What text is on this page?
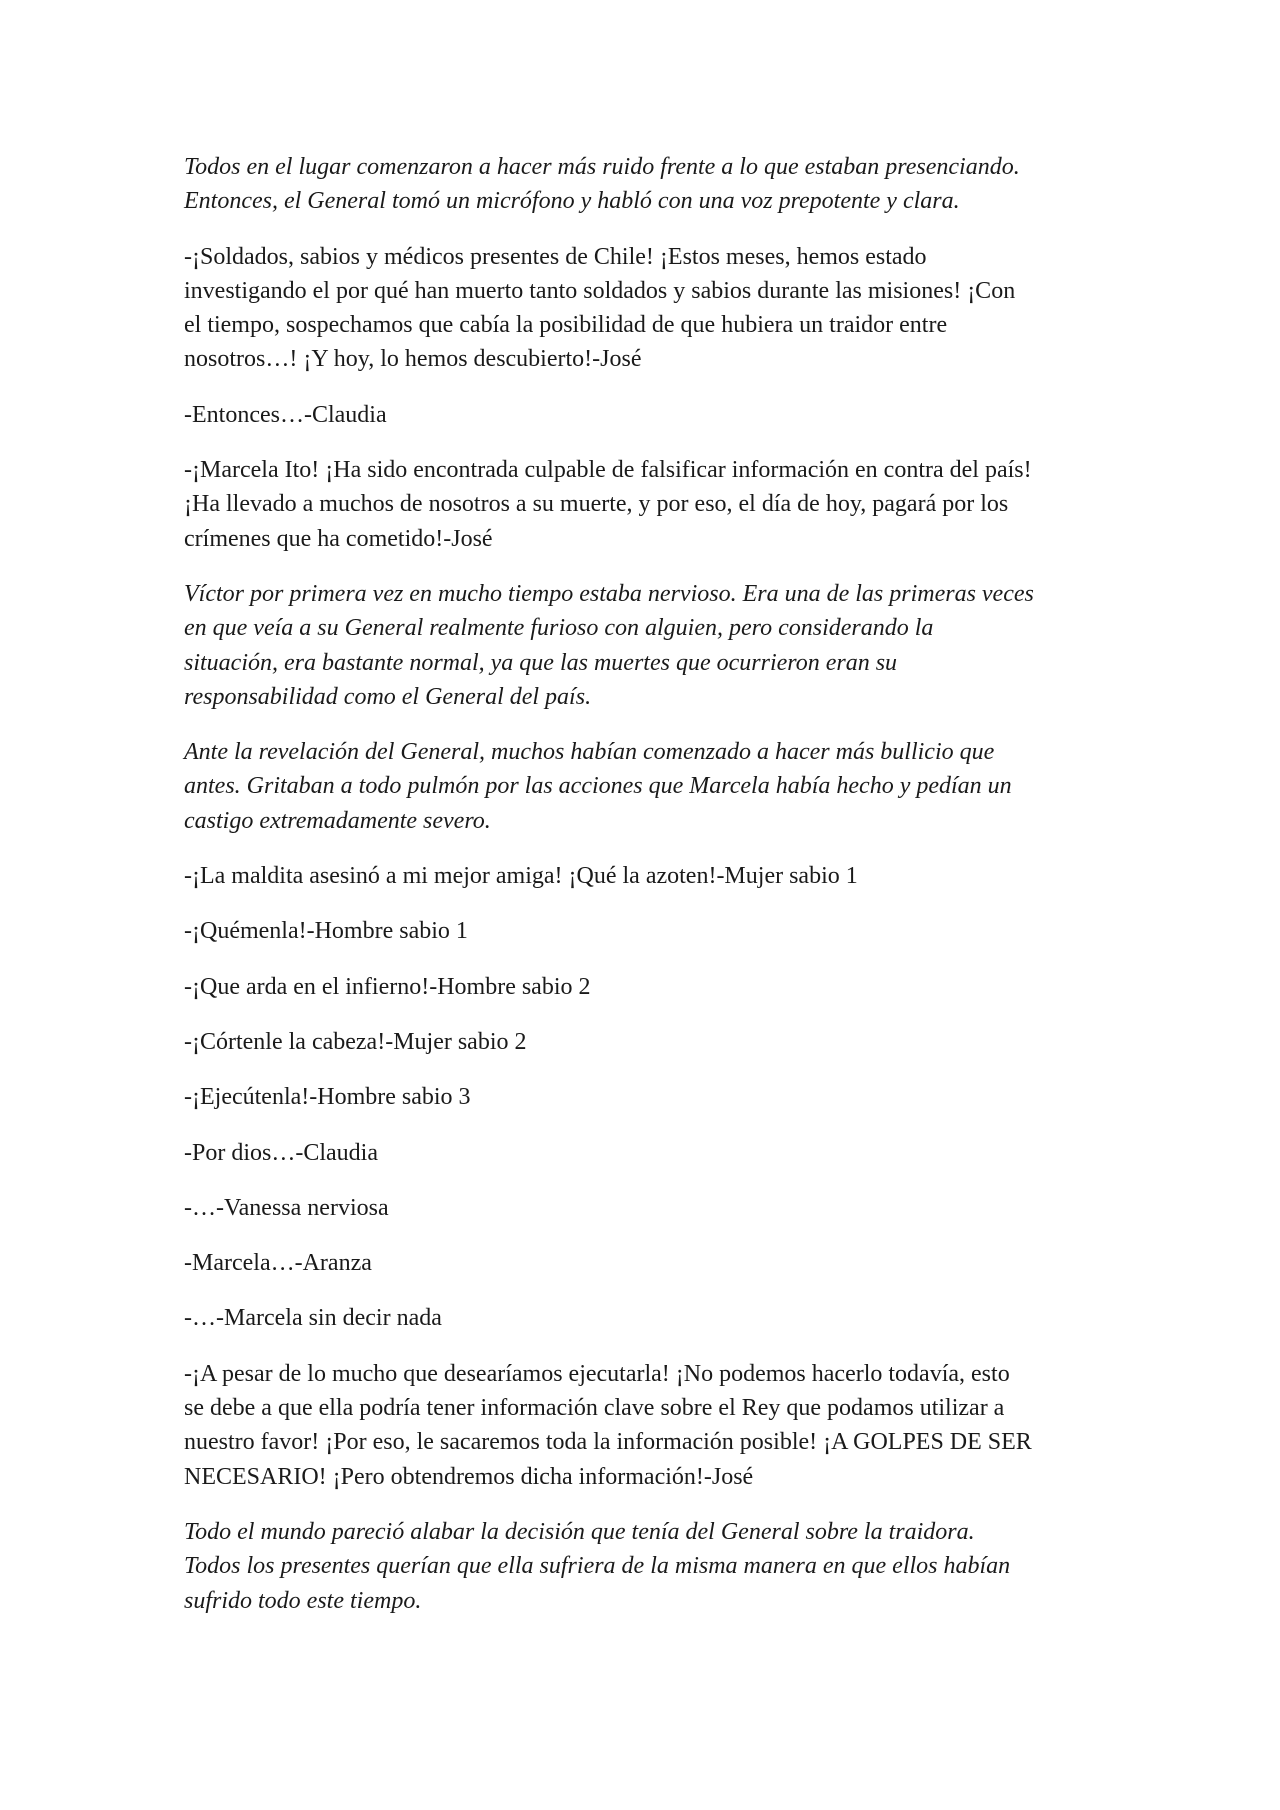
Todos en el lugar comenzaron a hacer más ruido frente a lo que estaban presenciando.
Entonces, el General tomó un micrófono y habló con una voz prepotente y clara.

-¡Soldados, sabios y médicos presentes de Chile! ¡Estos meses, hemos estado
investigando el por qué han muerto tanto soldados y sabios durante las misiones! ¡Con
el tiempo, sospechamos que cabía la posibilidad de que hubiera un traidor entre
nosotros…! ¡Y hoy, lo hemos descubierto!-José

-Entonces…-Claudia

-¡Marcela Ito! ¡Ha sido encontrada culpable de falsificar información en contra del país!
¡Ha llevado a muchos de nosotros a su muerte, y por eso, el día de hoy, pagará por los
crímenes que ha cometido!-José

Víctor por primera vez en mucho tiempo estaba nervioso. Era una de las primeras veces
en que veía a su General realmente furioso con alguien, pero considerando la
situación, era bastante normal, ya que las muertes que ocurrieron eran su
responsabilidad como el General del país.

Ante la revelación del General, muchos habían comenzado a hacer más bullicio que
antes. Gritaban a todo pulmón por las acciones que Marcela había hecho y pedían un
castigo extremadamente severo.

-¡La maldita asesinó a mi mejor amiga! ¡Qué la azoten!-Mujer sabio 1

-¡Quémenla!-Hombre sabio 1

-¡Que arda en el infierno!-Hombre sabio 2

-¡Córtenle la cabeza!-Mujer sabio 2

-¡Ejecútenla!-Hombre sabio 3

-Por dios…-Claudia

-…-Vanessa nerviosa

-Marcela…-Aranza

-…-Marcela sin decir nada

-¡A pesar de lo mucho que desearíamos ejecutarla! ¡No podemos hacerlo todavía, esto
se debe a que ella podría tener información clave sobre el Rey que podamos utilizar a
nuestro favor! ¡Por eso, le sacaremos toda la información posible! ¡A GOLPES DE SER
NECESARIO! ¡Pero obtendremos dicha información!-José

Todo el mundo pareció alabar la decisión que tenía del General sobre la traidora.
Todos los presentes querían que ella sufriera de la misma manera en que ellos habían
sufrido todo este tiempo.
